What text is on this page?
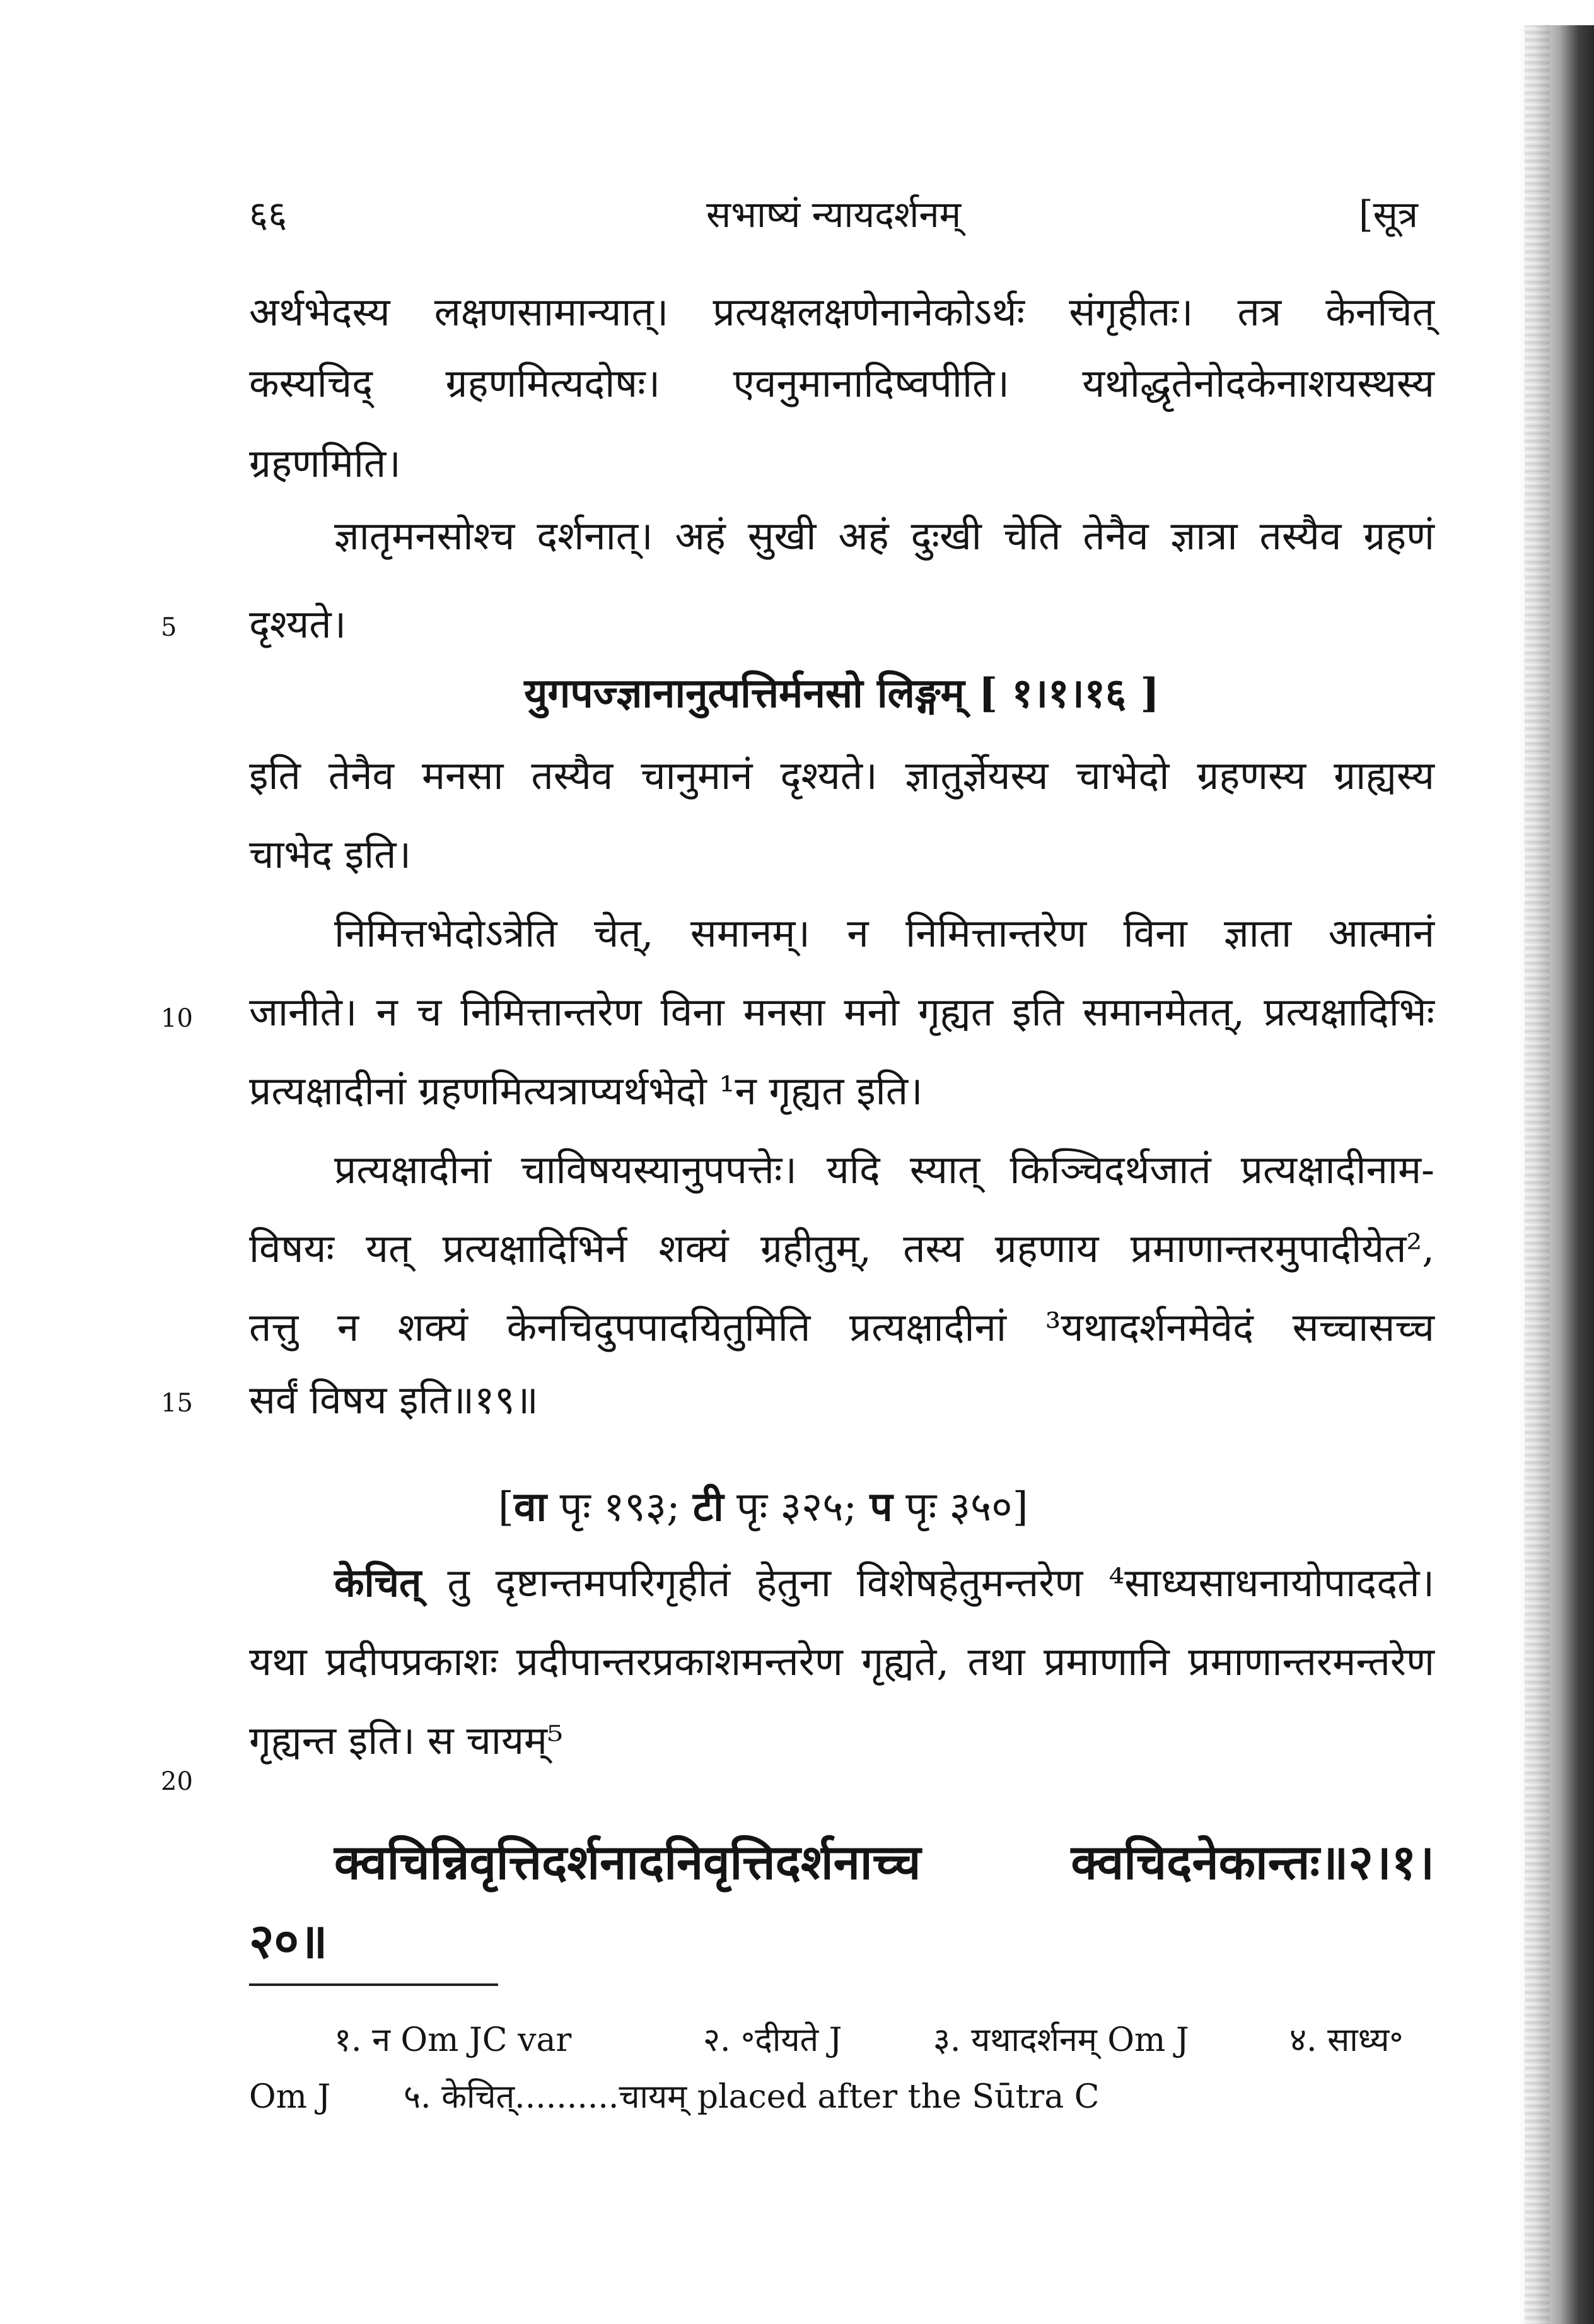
६६	सभाष्यं न्यायदर्शनम्	[सूत्र
अर्थभेदस्य लक्षणसामान्यात्। प्रत्यक्षलक्षणेनानेकोऽर्थः संगृहीतः। तत्र केनचित्
कस्यचिद् ग्रहणमित्यदोषः। एवनुमानादिष्वपीति। यथोद्धृतेनोदकेनाशयस्थस्य
ग्रहणमिति।
ज्ञातृमनसोश्च दर्शनात्। अहं सुखी अहं दुःखी चेति तेनैव ज्ञात्रा तस्यैव ग्रहणं
दृश्यते।
5
युगपज्ज्ञानानुत्पत्तिर्मनसो लिङ्गम् [ १।१।१६ ]
इति तेनैव मनसा तस्यैव चानुमानं दृश्यते। ज्ञातुर्ज्ञेयस्य चाभेदो ग्रहणस्य ग्राह्यस्य
चाभेद इति।
निमित्तभेदोऽत्रेति चेत्, समानम्। न निमित्तान्तरेण विना ज्ञाता आत्मानं
जानीते। न च निमित्तान्तरेण विना मनसा मनो गृह्यत इति समानमेतत्, प्रत्यक्षादिभिः
10
प्रत्यक्षादीनां ग्रहणमित्यत्राप्यर्थभेदो ¹न गृह्यत इति।
प्रत्यक्षादीनां चाविषयस्यानुपपत्तेः। यदि स्यात् किञ्चिदर्थजातं प्रत्यक्षादीनाम-
विषयः यत् प्रत्यक्षादिभिर्न शक्यं ग्रहीतुम्, तस्य ग्रहणाय प्रमाणान्तरमुपादीयेत²,
तत्तु न शक्यं केनचिदुपपादयितुमिति प्रत्यक्षादीनां ³यथादर्शनमेवेदं सच्चासच्च
सर्वं विषय इति॥१९॥
15
[वा पृः १९३; टी पृः ३२५; प पृः ३५०]
केचित् तु दृष्टान्तमपरिगृहीतं हेतुना विशेषहेतुमन्तरेण ⁴साध्यसाधनायोपाददते।
यथा प्रदीपप्रकाशः प्रदीपान्तरप्रकाशमन्तरेण गृह्यते, तथा प्रमाणानि प्रमाणान्तरमन्तरेण
गृह्यन्त इति। स चायम्⁵
20
क्वचिन्निवृत्तिदर्शनादनिवृत्तिदर्शनाच्च क्वचिदनेकान्तः॥२।१।
२०॥
१. न Om JC var	२. ॰दीयते J	३. यथादर्शनम् Om J	४. साध्य॰
Om J ५. केचित्..........चायम् placed after the Sūtra C
